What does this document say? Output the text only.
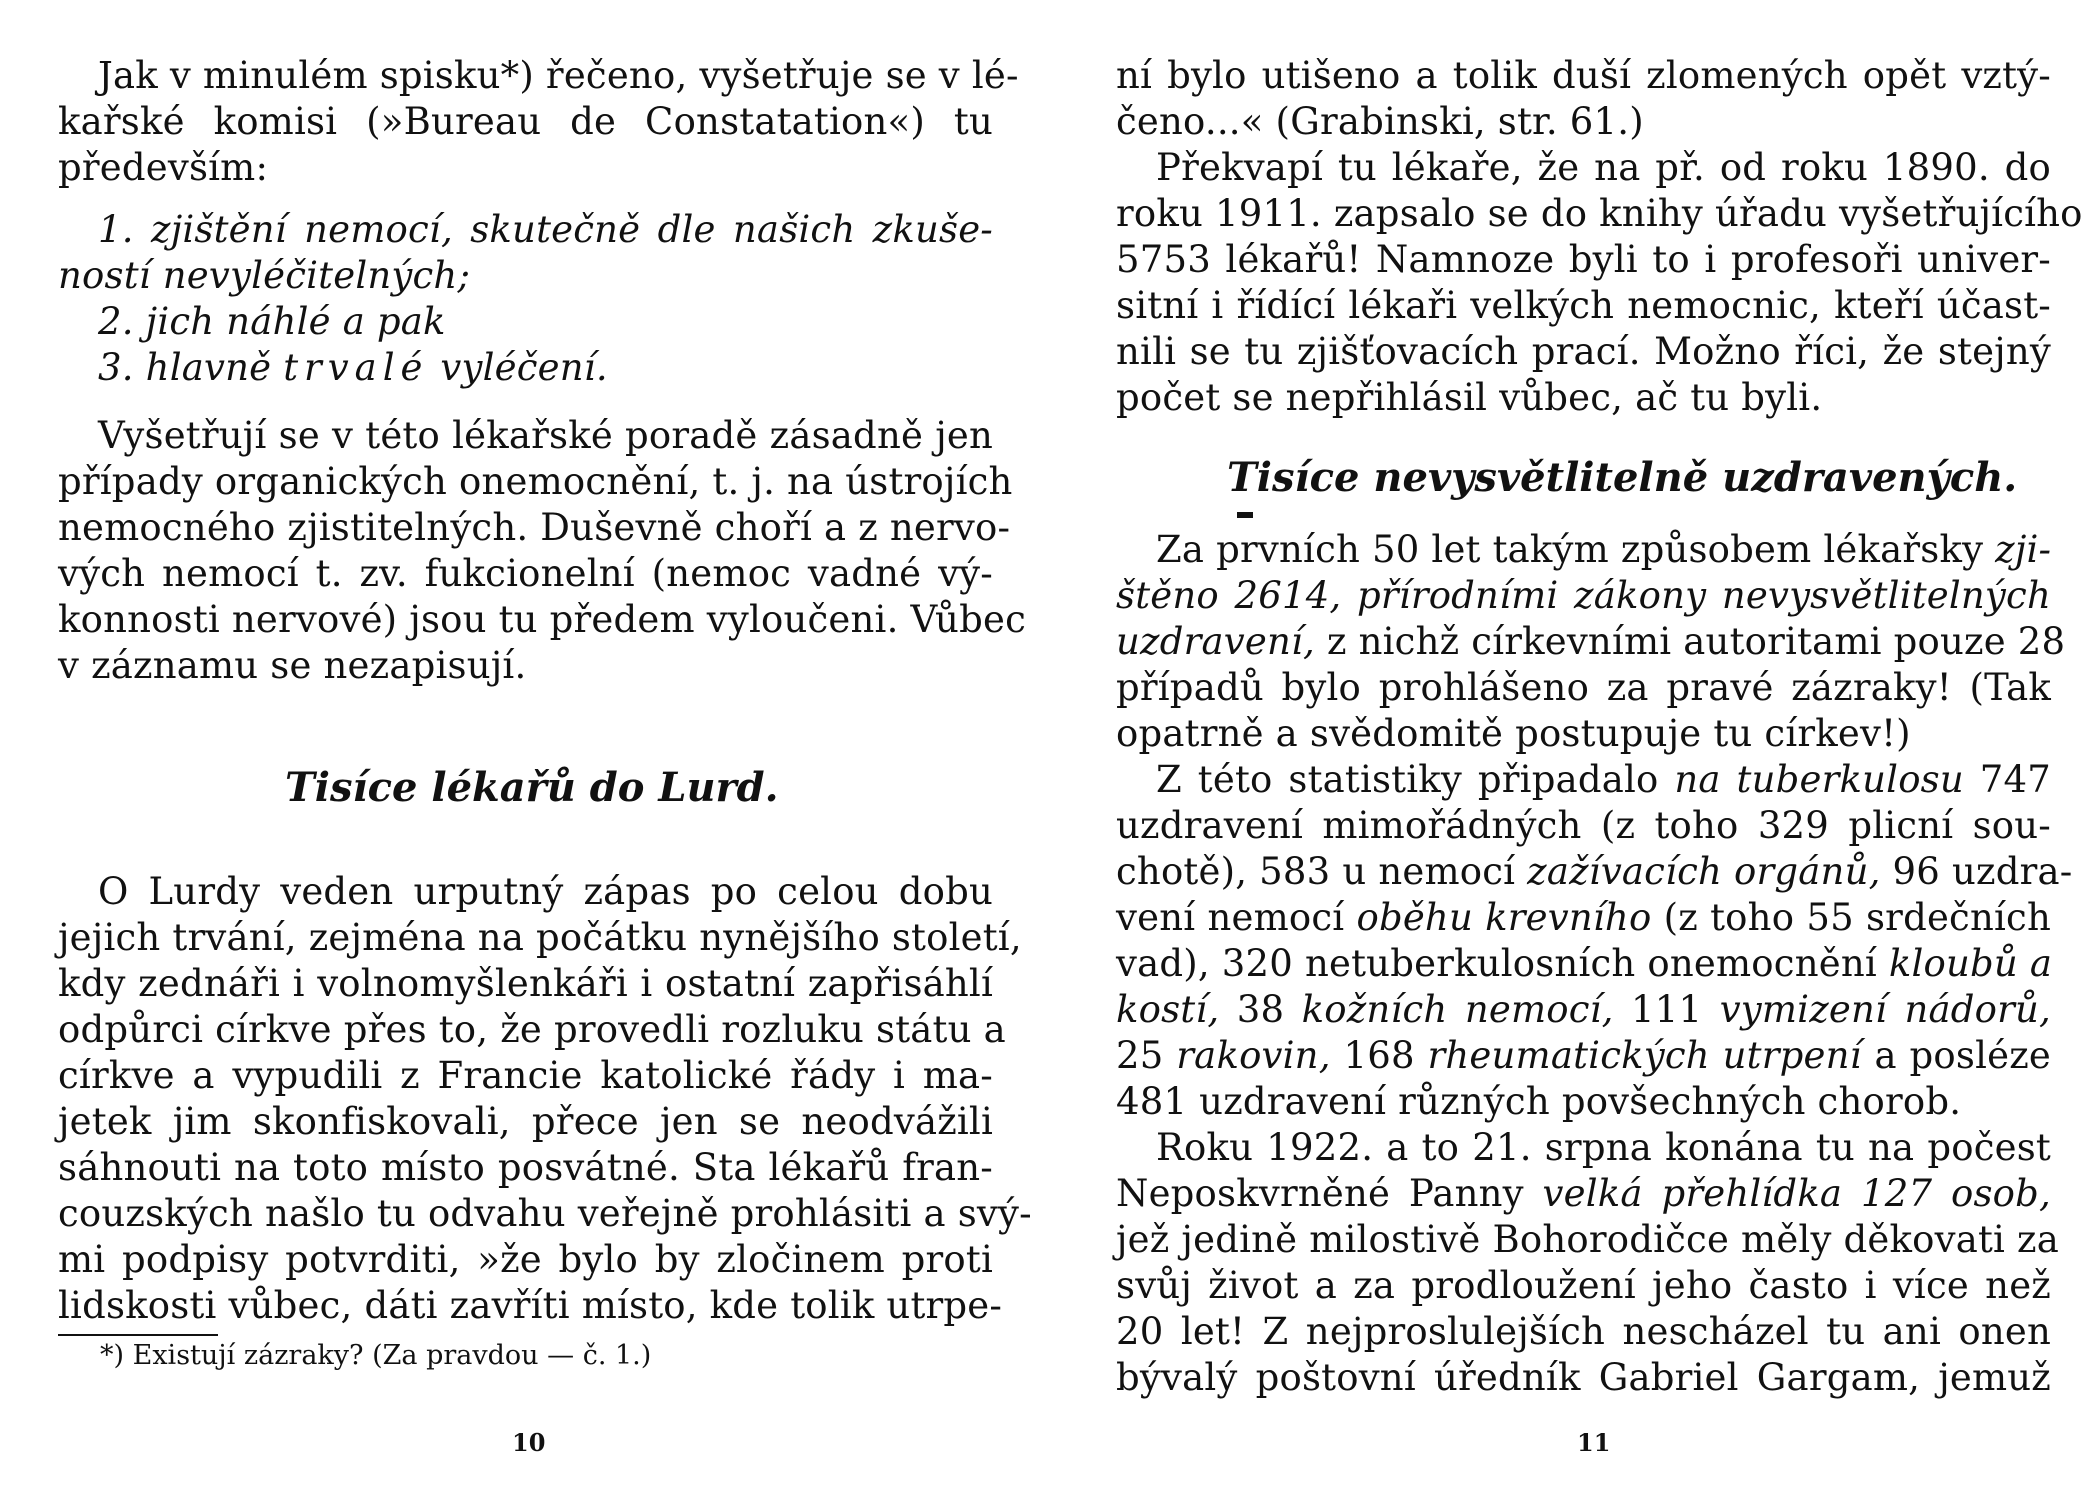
Jak v minulém spisku*) řečeno, vyšetřuje se v lé-

kařské komisi (»Bureau de Constatation«) tu

především:

1. zjištění nemocí, skutečně dle našich zkuše-

ností nevyléčitelných;

2. jich náhlé a pak

3. hlavně trvalé vyléčení.

Vyšetřují se v této lékařské poradě zásadně jen

případy organických onemocnění, t. j. na ústrojích

nemocného zjistitelných. Duševně choří a z nervo-

vých nemocí t. zv. fukcionelní (nemoc vadné vý-

konnosti nervové) jsou tu předem vyloučeni. Vůbec

v záznamu se nezapisují.

Tisíce lékařů do Lurd.

O Lurdy veden urputný zápas po celou dobu

jejich trvání, zejména na počátku nynějšího století,

kdy zednáři i volnomyšlenkáři i ostatní zapřisáhlí

odpůrci církve přes to, že provedli rozluku státu a

církve a vypudili z Francie katolické řády i ma-

jetek jim skonfiskovali, přece jen se neodvážili

sáhnouti na toto místo posvátné. Sta lékařů fran-

couzských našlo tu odvahu veřejně prohlásiti a svý-

mi podpisy potvrditi, »že bylo by zločinem proti

lidskosti vůbec, dáti zavříti místo, kde tolik utrpe-

*) Existují zázraky? (Za pravdou — č. 1.)

10

ní bylo utišeno a tolik duší zlomených opět vztý-

čeno...« (Grabinski, str. 61.)

Překvapí tu lékaře, že na př. od roku 1890. do

roku 1911. zapsalo se do knihy úřadu vyšetřujícího

5753 lékařů! Namnoze byli to i profesoři univer-

sitní i řídící lékaři velkých nemocnic, kteří účast-

nili se tu zjišťovacích prací. Možno říci, že stejný

počet se nepřihlásil vůbec, ač tu byli.

Tisíce nevysvětlitelně uzdravených.

Za prvních 50 let takým způsobem lékařsky zji-

štěno 2614, přírodními zákony nevysvětlitelných

uzdravení, z nichž církevními autoritami pouze 28

případů bylo prohlášeno za pravé zázraky! (Tak

opatrně a svědomitě postupuje tu církev!)

Z této statistiky připadalo na tuberkulosu 747

uzdravení mimořádných (z toho 329 plicní sou-

chotě), 583 u nemocí zažívacích orgánů, 96 uzdra-

vení nemocí oběhu krevního (z toho 55 srdečních

vad), 320 netuberkulosních onemocnění kloubů a

kostí, 38 kožních nemocí, 111 vymizení nádorů,

25 rakovin, 168 rheumatických utrpení a posléze

481 uzdravení různých povšechných chorob.

Roku 1922. a to 21. srpna konána tu na počest

Neposkvrněné Panny velká přehlídka 127 osob,

jež jedině milostivě Bohorodičce měly děkovati za

svůj život a za prodloužení jeho často i více než

20 let! Z nejproslulejších nescházel tu ani onen

bývalý poštovní úředník Gabriel Gargam, jemuž

11
